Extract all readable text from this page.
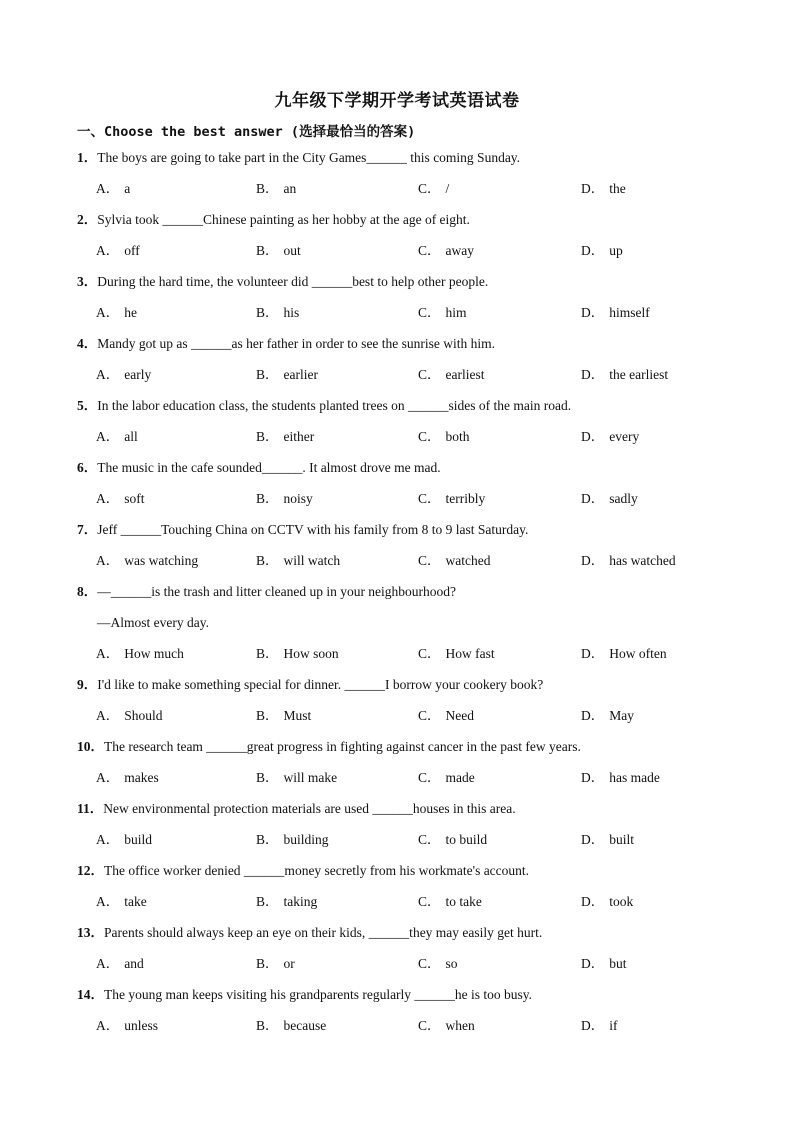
九年级下学期开学考试英语试卷
一、Choose the best answer (选择最恰当的答案)
1．The boys are going to take part in the City Games______ this coming Sunday.
A． a	B． an	C． /	D． the
2．Sylvia took ______Chinese painting as her hobby at the age of eight.
A． off	B． out	C． away	D． up
3．During the hard time, the volunteer did ______best to help other people.
A． he	B． his	C． him	D． himself
4．Mandy got up as ______as her father in order to see the sunrise with him.
A． early	B． earlier	C． earliest	D． the earliest
5．In the labor education class, the students planted trees on ______sides of the main road.
A． all	B． either	C． both	D． every
6．The music in the cafe sounded______. It almost drove me mad.
A． soft	B． noisy	C． terribly	D． sadly
7．Jeff ______Touching China on CCTV with his family from 8 to 9 last Saturday.
A． was watching	B． will watch	C． watched	D． has watched
8．—______is the trash and litter cleaned up in your neighbourhood?
—Almost every day.
A． How much	B． How soon	C． How fast	D． How often
9．I'd like to make something special for dinner. ______I borrow your cookery book?
A． Should	B． Must	C． Need	D． May
10．The research team ______great progress in fighting against cancer in the past few years.
A． makes	B． will make	C． made	D． has made
11．New environmental protection materials are used ______houses in this area.
A． build	B． building	C． to build	D． built
12．The office worker denied ______money secretly from his workmate's account.
A． take	B． taking	C． to take	D． took
13．Parents should always keep an eye on their kids, ______they may easily get hurt.
A． and	B． or	C． so	D． but
14．The young man keeps visiting his grandparents regularly ______he is too busy.
A． unless	B． because	C． when	D． if
